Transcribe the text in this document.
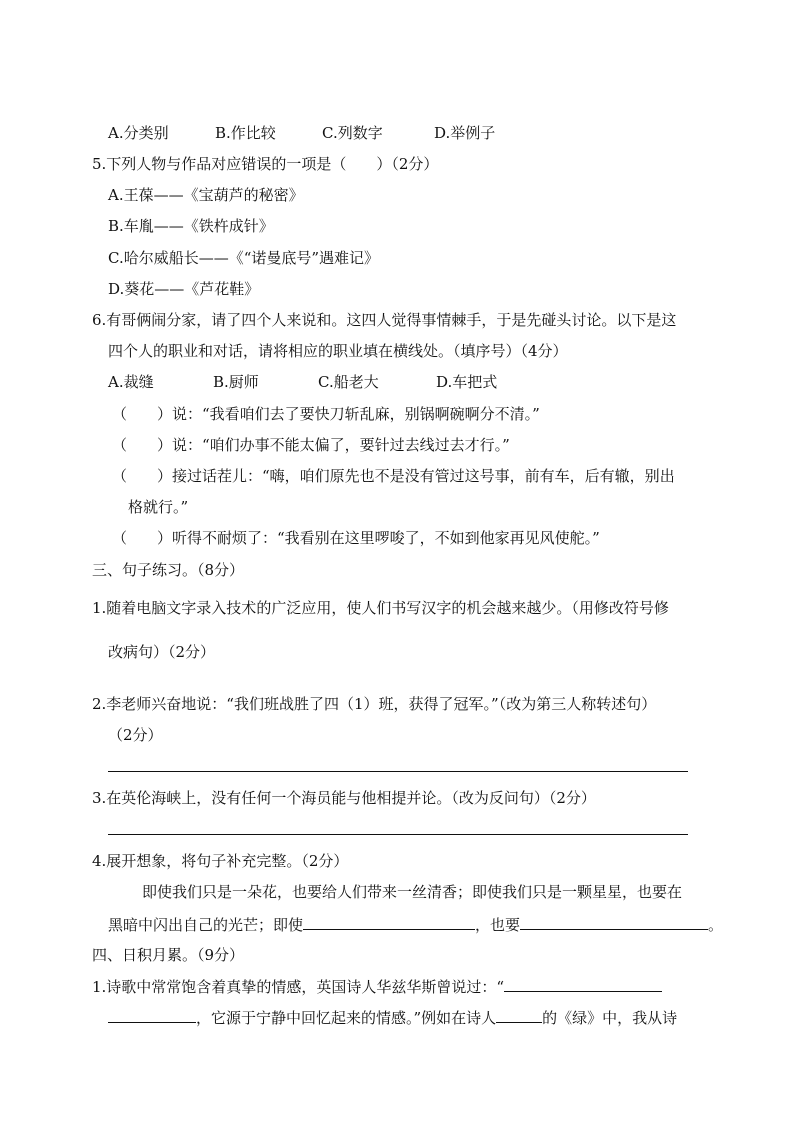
A.分类别	B.作比较	C.列数字	D.举例子
5.下列人物与作品对应错误的一项是（　　）（2分）
A.王葆——《宝葫芦的秘密》
B.车胤——《铁杵成针》
C.哈尔威船长——《“诺曼底号”遇难记》
D.葵花——《芦花鞋》
6.有哥俩闹分家，请了四个人来说和。这四人觉得事情棘手，于是先碰头讨论。以下是这
四个人的职业和对话，请将相应的职业填在横线处。（填序号）（4分）
A.裁缝	B.厨师	C.船老大	D.车把式
（　　）说：“我看咱们去了要快刀斩乱麻，别锅啊碗啊分不清。”
（　　）说：“咱们办事不能太偏了，要针过去线过去才行。”
（　　）接过话茬儿：“嗨，咱们原先也不是没有管过这号事，前有车，后有辙，别出
格就行。”
（　　）听得不耐烦了：“我看别在这里啰唆了，不如到他家再见风使舵。”
三、句子练习。（8分）
1.随着电脑文字录入技术的广泛应用，使人们书写汉字的机会越来越少。（用修改符号修
改病句）（2分）
2.李老师兴奋地说：“我们班战胜了四（1）班，获得了冠军。”（改为第三人称转述句）
（2分）
3.在英伦海峡上，没有任何一个海员能与他相提并论。（改为反问句）（2分）
4.展开想象，将句子补充完整。（2分）
即使我们只是一朵花，也要给人们带来一丝清香；即使我们只是一颗星星，也要在
黑暗中闪出自己的光芒；即使	，也要	。
四、日积月累。（9分）
1.诗歌中常常饱含着真挚的情感，英国诗人华兹华斯曾说过：“
，它源于宁静中回忆起来的情感。”例如在诗人	的《绿》中，我从诗
